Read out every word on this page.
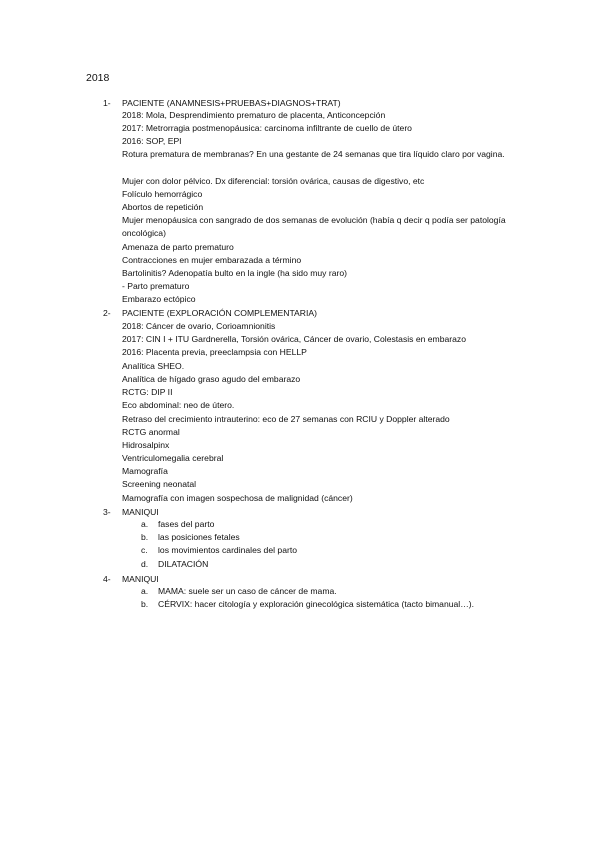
2018
1- PACIENTE (ANAMNESIS+PRUEBAS+DIAGNOS+TRAT)
2018: Mola, Desprendimiento prematuro de placenta, Anticoncepción
2017: Metrorragia postmenopáusica: carcinoma infiltrante de cuello de útero
2016: SOP, EPI
Rotura prematura de membranas? En una gestante de 24 semanas que tira líquido claro por vagina.
Mujer con dolor pélvico. Dx diferencial: torsión ovárica, causas de digestivo, etc
Folículo hemorrágico
Abortos de repetición
Mujer menopáusica con sangrado de dos semanas de evolución (había q decir q podía ser patología oncológica)
Amenaza de parto prematuro
Contracciones en mujer embarazada a término
Bartolinitis? Adenopatía bulto en la ingle (ha sido muy raro)
- Parto prematuro
Embarazo ectópico
2- PACIENTE (EXPLORACIÓN COMPLEMENTARIA)
2018: Cáncer de ovario, Corioamnionitis
2017: CIN I + ITU Gardnerella, Torsión ovárica, Cáncer de ovario, Colestasis en embarazo
2016: Placenta previa, preeclampsia con HELLP
Analítica SHEO.
Analítica de hígado graso agudo del embarazo
RCTG: DIP II
Eco abdominal: neo de útero.
Retraso del crecimiento intrauterino: eco de 27 semanas con RCIU y Doppler alterado
RCTG anormal
Hidrosalpinx
Ventriculomegalia cerebral
Mamografía
Screening neonatal
Mamografía con imagen sospechosa de malignidad (cáncer)
3- MANIQUI
a. fases del parto
b. las posiciones fetales
c. los movimientos cardinales del parto
d. DILATACIÓN
4- MANIQUI
a. MAMA: suele ser un caso de cáncer de mama.
b. CÉRVIX: hacer citología y exploración ginecológica sistemática (tacto bimanual…).
